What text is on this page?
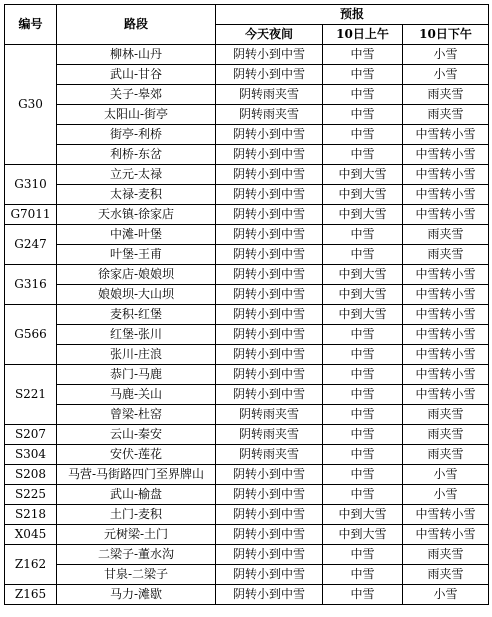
编号	路段	预报		
		今天夜间	10日上午	10日下午
G30	柳林-山丹	阴转小到中雪	中雪	小雪
	武山-甘谷	阴转小到中雪	中雪	小雪
	关子-皋郊	阴转雨夹雪	中雪	雨夹雪
	太阳山-街亭	阴转雨夹雪	中雪	雨夹雪
	街亭-利桥	阴转小到中雪	中雪	中雪转小雪
	利桥-东岔	阴转小到中雪	中雪	中雪转小雪
G310	立元-太禄	阴转小到中雪	中到大雪	中雪转小雪
	太禄-麦积	阴转小到中雪	中到大雪	中雪转小雪
G7011	天水镇-徐家店	阴转小到中雪	中到大雪	中雪转小雪
G247	中滩-叶堡	阴转小到中雪	中雪	雨夹雪
	叶堡-王甫	阴转小到中雪	中雪	雨夹雪
G316	徐家店-娘娘坝	阴转小到中雪	中到大雪	中雪转小雪
	娘娘坝-大山坝	阴转小到中雪	中到大雪	中雪转小雪
G566	麦积-红堡	阴转小到中雪	中到大雪	中雪转小雪
	红堡-张川	阴转小到中雪	中雪	中雪转小雪
	张川-庄浪	阴转小到中雪	中雪	中雪转小雪
S221	恭门-马鹿	阴转小到中雪	中雪	中雪转小雪
	马鹿-关山	阴转小到中雪	中雪	中雪转小雪
	曾梁-杜窑	阴转雨夹雪	中雪	雨夹雪
S207	云山-秦安	阴转雨夹雪	中雪	雨夹雪
S304	安伏-莲花	阴转雨夹雪	中雪	雨夹雪
S208	马营-马街路四门至界牌山	阴转小到中雪	中雪	小雪
S225	武山-榆盘	阴转小到中雪	中雪	小雪
S218	土门-麦积	阴转小到中雪	中到大雪	中雪转小雪
X045	元树梁-土门	阴转小到中雪	中到大雪	中雪转小雪
Z162	二梁子-董水沟	阴转小到中雪	中雪	雨夹雪
	甘泉-二梁子	阴转小到中雪	中雪	雨夹雪
Z165	马力-滩歇	阴转小到中雪	中雪	小雪
